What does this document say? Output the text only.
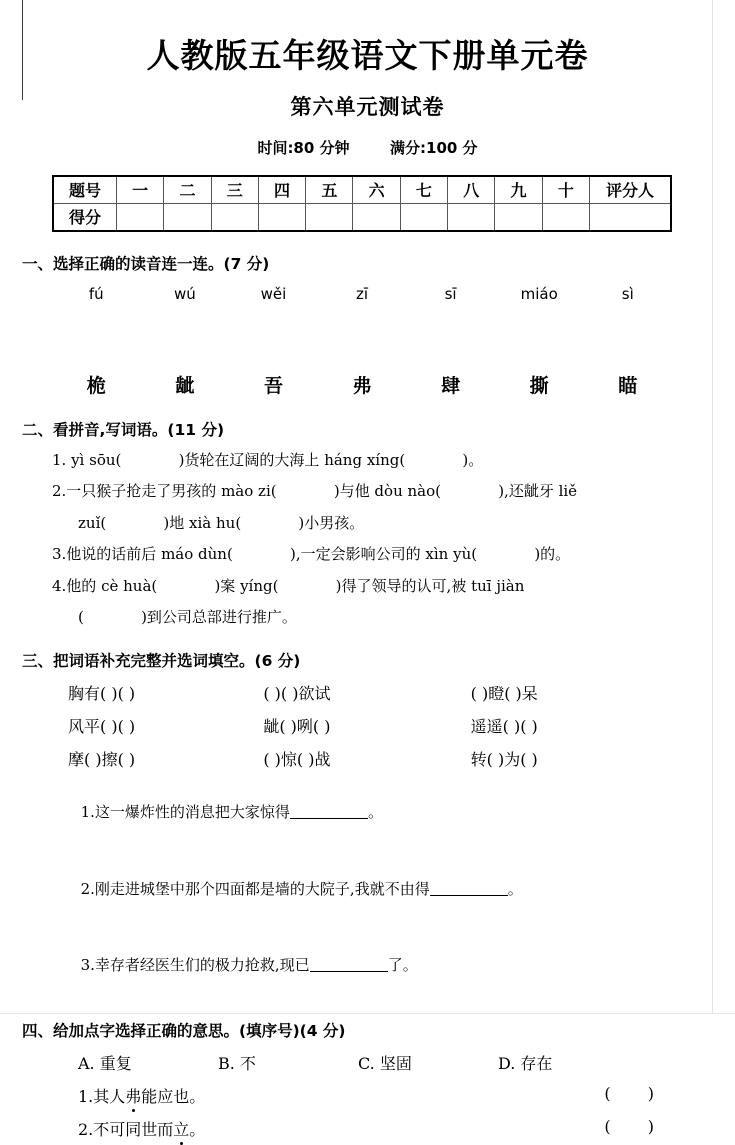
人教版五年级语文下册单元卷
第六单元测试卷
时间:80 分钟	满分:100 分
题号	一	二	三	四	五	六	七	八	九	十	评分人
得分											
一、选择正确的读音连一连。(7 分)
fú	wú	wěi	zī	sī	miáo	sì
桅	龇	吾	弗	肆	撕	瞄
二、看拼音,写词语。(11 分)
1. yì sōu(            )货轮在辽阔的大海上 háng xíng(            )。
2.一只猴子抢走了男孩的 mào zi(            )与他 dòu nào(            ),还龇牙 liě
zuǐ(            )地 xià hu(            )小男孩。
3.他说的话前后 máo dùn(            ),一定会影响公司的 xìn yù(            )的。
4.他的 cè huà(            )案 yíng(            )得了领导的认可,被 tuī jiàn
(            )到公司总部进行推广。
三、把词语补充完整并选词填空。(6 分)
胸有( )( )	( )( )欲试	( )瞪( )呆
风平( )( )	龇( )咧( )	遥遥( )( )
摩( )擦( )	( )惊( )战	转( )为( )

1.这一爆炸性的消息把大家惊得	。

2.刚走进城堡中那个四面都是墙的大院子,我就不由得	。

3.幸存者经医生们的极力抢救,现已	了。

四、给加点字选择正确的意思。(填序号)(4 分)
A. 重复	B. 不	C. 坚固	D. 存在
1.其人弗能应也。	( )
2.不可同世而立。	( )
